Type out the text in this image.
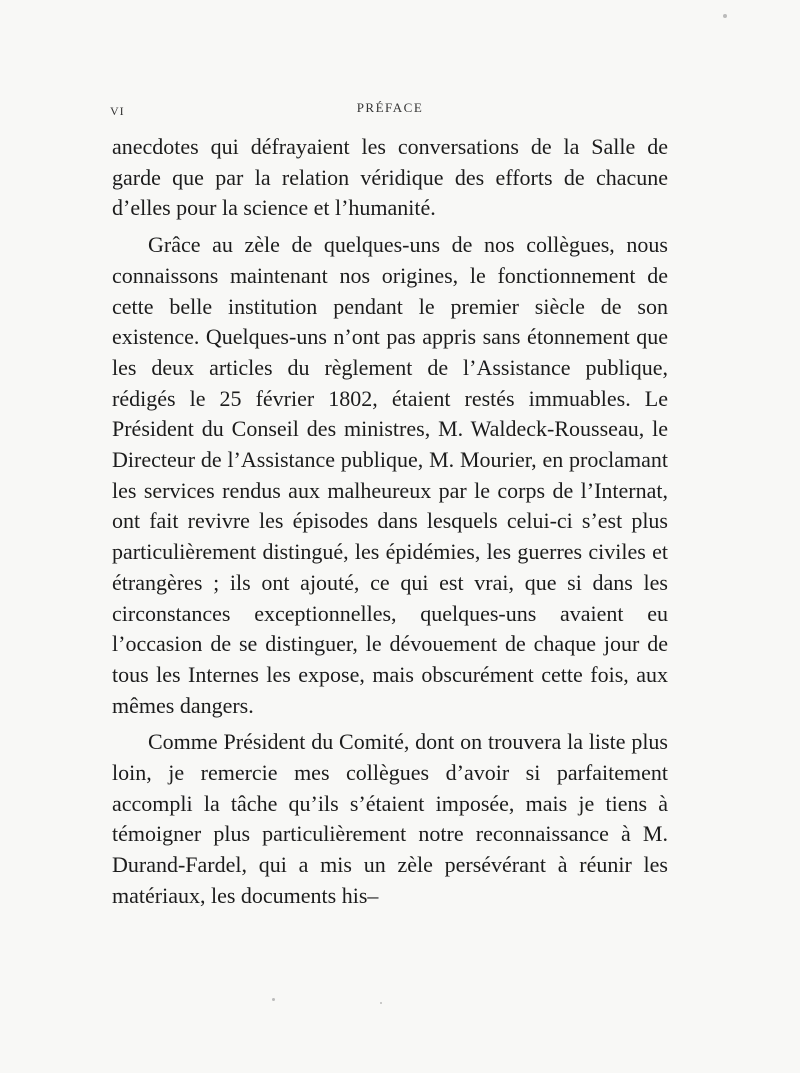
VI	PRÉFACE

anecdotes qui défrayaient les conversations de la Salle de garde que par la relation véridique des efforts de chacune d’elles pour la science et l’humanité.

Grâce au zèle de quelques-uns de nos collègues, nous connaissons maintenant nos origines, le fonctionnement de cette belle institution pendant le premier siècle de son existence. Quelques-uns n’ont pas appris sans étonnement que les deux articles du règlement de l’Assistance publique, rédigés le 25 février 1802, étaient restés immuables. Le Président du Conseil des ministres, M. Waldeck-Rousseau, le Directeur de l’Assistance publique, M. Mourier, en proclamant les services rendus aux malheureux par le corps de l’Internat, ont fait revivre les épisodes dans lesquels celui-ci s’est plus particulièrement distingué, les épidémies, les guerres civiles et étrangères ; ils ont ajouté, ce qui est vrai, que si dans les circonstances exceptionnelles, quelques-uns avaient eu l’occasion de se distinguer, le dévouement de chaque jour de tous les Internes les expose, mais obscurément cette fois, aux mêmes dangers.

Comme Président du Comité, dont on trouvera la liste plus loin, je remercie mes collègues d’avoir si parfaitement accompli la tâche qu’ils s’étaient imposée, mais je tiens à témoigner plus particulièrement notre reconnaissance à M. Durand-Fardel, qui a mis un zèle persévérant à réunir les matériaux, les documents his–
